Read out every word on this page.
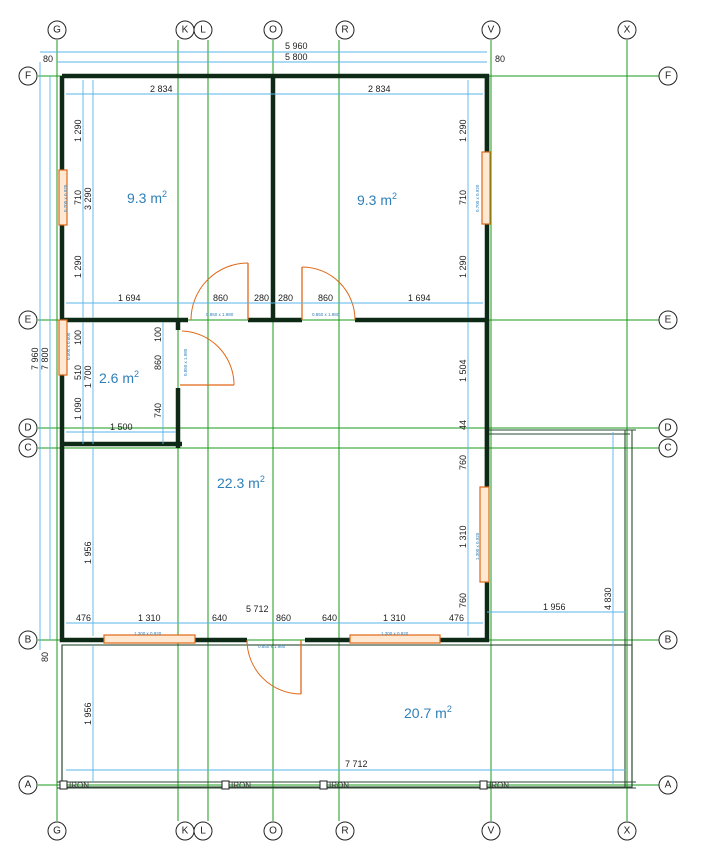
G	K L	O	R	V	X
G	K L	O	R	V	X
F
E
D
C
B
A
F
E
D
C
B
A
0.700 x 0.920	0.700 x 0.920
0.500 x 0.600
1.300 x 0.920
1.300 x 0.920	1.300 x 0.920
0.850 x 1.980	0.850 x 1.980
0.850 x 1.980
0.850 x 1.980
5 960
5 800
80	80
2 834	2 834
1 290
710 3 290
1 290
1 290
710
1 290
1 694	860	280 280	860	1 694
7 960 7 800
100
510 1 700
1 090
100
860
740
1 500
1 504
44
760
1 310
760
1 956
5 712
476	1 310	640	860	640	1 310	476
1 956	4 830
1 956
7 712
80
9.3 $m^2$	9.3 $m^2$
2.6 $m^2$
22.3 $m^2$
20.7 $m^2$
IRON	IRON	IRON	IRON
